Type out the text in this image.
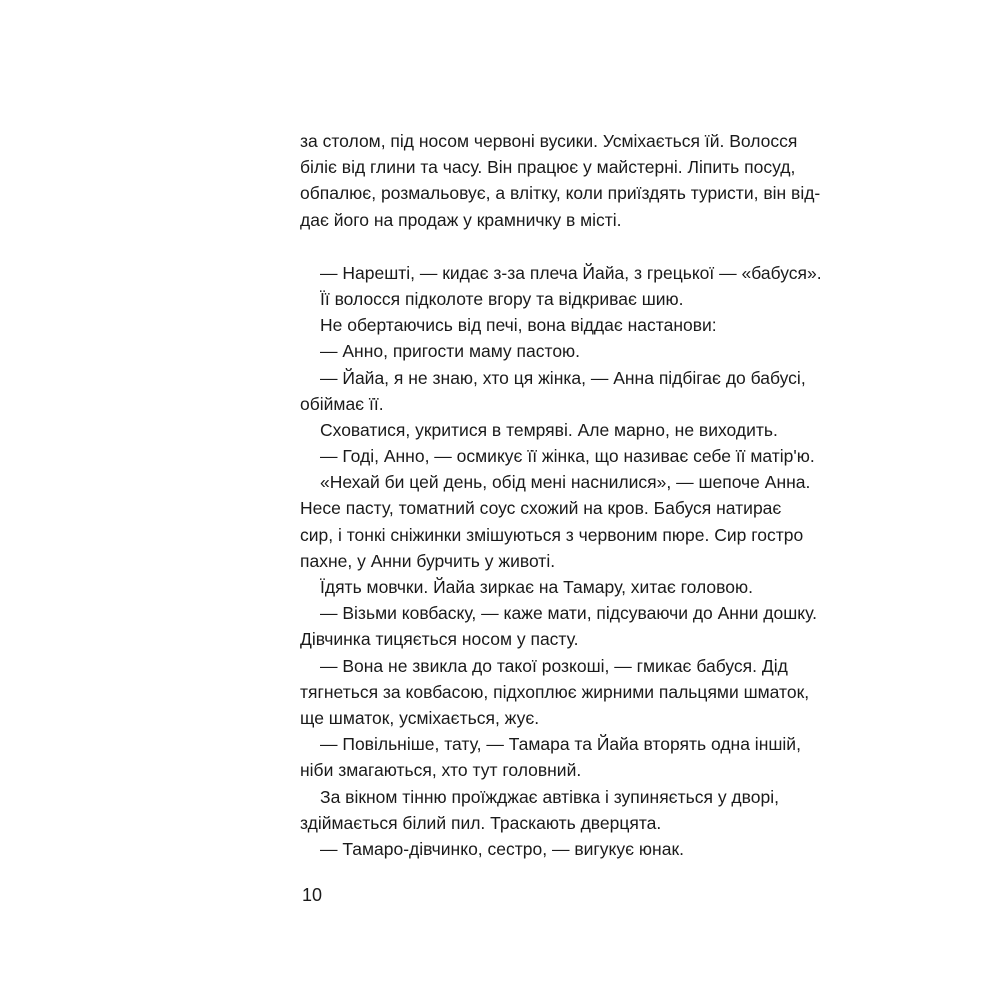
за столом, під носом червоні вусики. Усміхається їй. Волосся
біліє від глини та часу. Він працює у майстерні. Ліпить посуд,
обпалює, розмальовує, а влітку, коли приїздять туристи, він від-
дає його на продаж у крамничку в місті.
— Нарешті, — кидає з-за плеча Йайа, з грецької — «бабуся».
Її волосся підколоте вгору та відкриває шию.
Не обертаючись від печі, вона віддає настанови:
— Анно, пригости маму пастою.
— Йайа, я не знаю, хто ця жінка, — Анна підбігає до бабусі,
обіймає її.
Сховатися, укритися в темряві. Але марно, не виходить.
— Годі, Анно, — осмикує її жінка, що називає себе її матір'ю.
«Нехай би цей день, обід мені наснилися», — шепоче Анна.
Несе пасту, томатний соус схожий на кров. Бабуся натирає
сир, і тонкі сніжинки змішуються з червоним пюре. Сир гостро
пахне, у Анни бурчить у животі.
Їдять мовчки. Йайа зиркає на Тамару, хитає головою.
— Візьми ковбаску, — каже мати, підсуваючи до Анни дошку.
Дівчинка тицяється носом у пасту.
— Вона не звикла до такої розкоші, — гмикає бабуся. Дід
тягнеться за ковбасою, підхоплює жирними пальцями шматок,
ще шматок, усміхається, жує.
— Повільніше, тату, — Тамара та Йайа вторять одна іншій,
ніби змагаються, хто тут головний.
За вікном тінню проїжджає автівка і зупиняється у дворі,
здіймається білий пил. Траскають дверцята.
— Тамаро-дівчинко, сестро, — вигукує юнак.
10
